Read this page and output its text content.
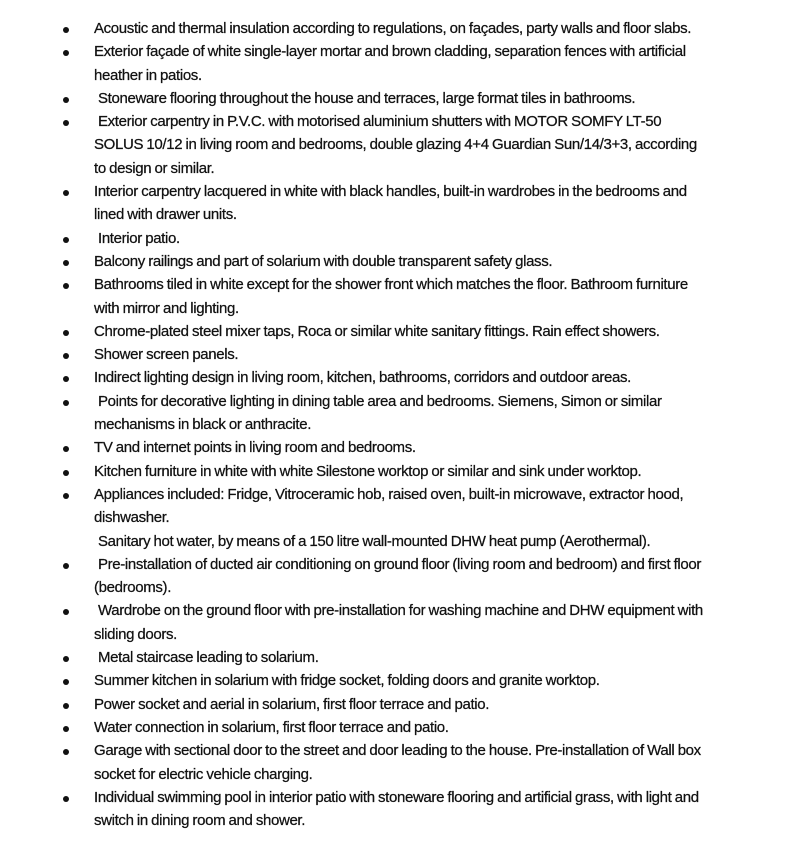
Acoustic and thermal insulation according to regulations, on façades, party walls and floor slabs.
Exterior façade of white single-layer mortar and brown cladding, separation fences with artificial heather in patios.
Stoneware flooring throughout the house and terraces, large format tiles in bathrooms.
Exterior carpentry in P.V.C. with motorised aluminium shutters with MOTOR SOMFY LT-50 SOLUS 10/12 in living room and bedrooms, double glazing 4+4 Guardian Sun/14/3+3, according to design or similar.
Interior carpentry lacquered in white with black handles, built-in wardrobes in the bedrooms and lined with drawer units.
Interior patio.
Balcony railings and part of solarium with double transparent safety glass.
Bathrooms tiled in white except for the shower front which matches the floor. Bathroom furniture with mirror and lighting.
Chrome-plated steel mixer taps, Roca or similar white sanitary fittings. Rain effect showers.
Shower screen panels.
Indirect lighting design in living room, kitchen, bathrooms, corridors and outdoor areas.
Points for decorative lighting in dining table area and bedrooms. Siemens, Simon or similar mechanisms in black or anthracite.
TV and internet points in living room and bedrooms.
Kitchen furniture in white with white Silestone worktop or similar and sink under worktop.
Appliances included: Fridge, Vitroceramic hob, raised oven, built-in microwave, extractor hood, dishwasher.
Sanitary hot water, by means of a 150 litre wall-mounted DHW heat pump (Aerothermal).
Pre-installation of ducted air conditioning on ground floor (living room and bedroom) and first floor (bedrooms).
Wardrobe on the ground floor with pre-installation for washing machine and DHW equipment with sliding doors.
Metal staircase leading to solarium.
Summer kitchen in solarium with fridge socket, folding doors and granite worktop.
Power socket and aerial in solarium, first floor terrace and patio.
Water connection in solarium, first floor terrace and patio.
Garage with sectional door to the street and door leading to the house. Pre-installation of Wall box socket for electric vehicle charging.
Individual swimming pool in interior patio with stoneware flooring and artificial grass, with light and switch in dining room and shower.
